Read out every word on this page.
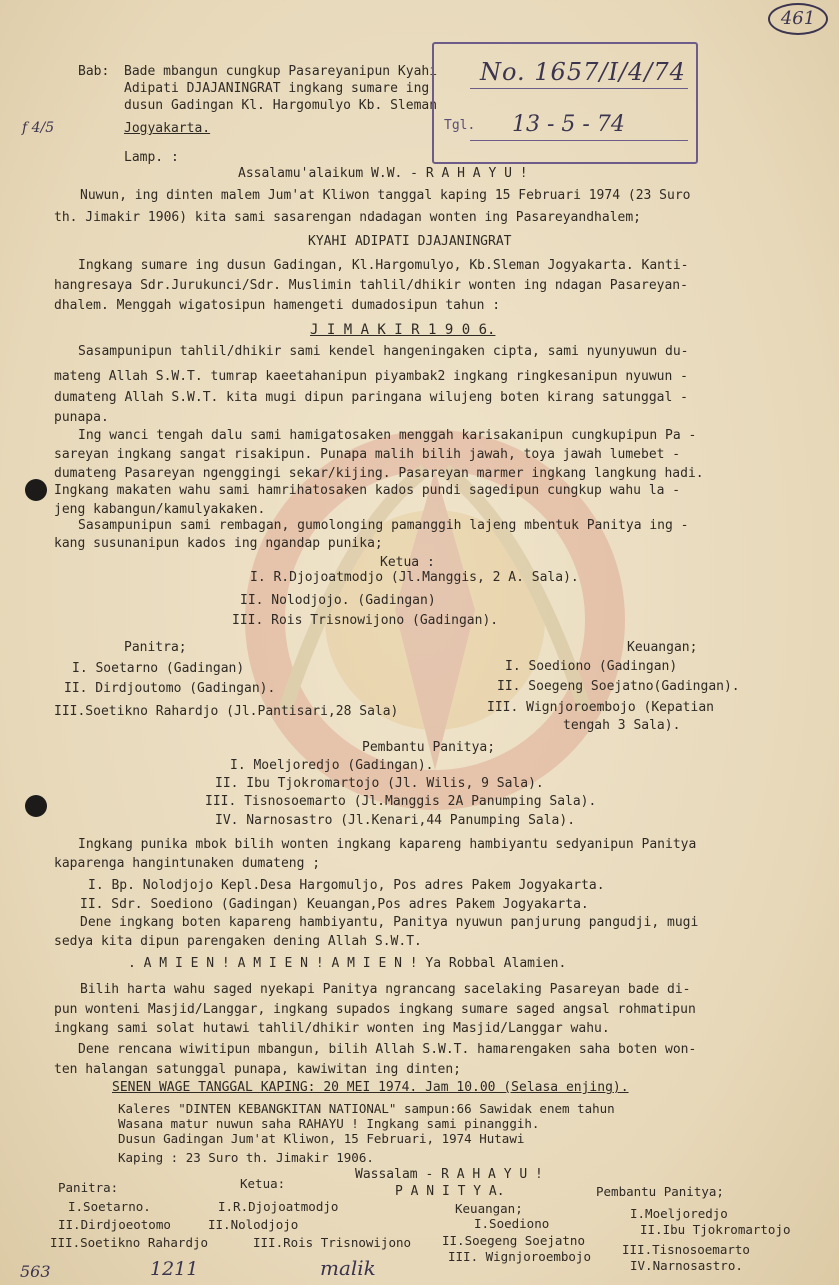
461
f 4/5
Bab: Bade mbangun cungkup Pasareyanipun Kyahi
Adipati DJAJANINGRAT ingkang sumare ing
dusun Gadingan Kl. Hargomulyo Kb. Sleman
Jogyakarta.
Lamp. :
No. 1657/I/4/74
Tgl. 13 - 5 - 74
Assalamu'alaikum W.W. - R A H A Y U !
Nuwun, ing dinten malem Jum'at Kliwon tanggal kaping 15 Februari 1974 (23 Suro
th. Jimakir 1906) kita sami sasarengan ndadagan wonten ing Pasareyandhalem;
KYAHI ADIPATI DJAJANINGRAT
Ingkang sumare ing dusun Gadingan, Kl.Hargomulyo, Kb.Sleman Jogyakarta. Kanti-
hangresaya Sdr.Jurukunci/Sdr. Muslimin tahlil/dhikir wonten ing ndagan Pasareyan-
dhalem. Menggah wigatosipun hamengeti dumadosipun tahun :
J I M A K I R 1 9 0 6.
Sasampunipun tahlil/dhikir sami kendel hangeningaken cipta, sami nyunyuwun du-
mateng Allah S.W.T. tumrap kaeetahanipun piyambak2 ingkang ringkesanipun nyuwun -
dumateng Allah S.W.T. kita mugi dipun paringana wilujeng boten kirang satunggal -
punapa.
Ing wanci tengah dalu sami hamigatosaken menggah karisakanipun cungkupipun Pa -
sareyan ingkang sangat risakipun. Punapa malih bilih jawah, toya jawah lumebet -
dumateng Pasareyan ngenggingi sekar/kijing. Pasareyan marmer ingkang langkung hadi.
Ingkang makaten wahu sami hamrihatosaken kados pundi sagedipun cungkup wahu la -
jeng kabangun/kamulyakaken.
Sasampunipun sami rembagan, gumolonging pamanggih lajeng mbentuk Panitya ing -
kang susunanipun kados ing ngandap punika;
Ketua :
I. R.Djojoatmodjo (Jl.Manggis, 2 A. Sala).
II. Nolodjojo. (Gadingan)
III. Rois Trisnowijono (Gadingan).
Panitra;
I. Soetarno (Gadingan)
II. Dirdjoutomo (Gadingan).
III.Soetikno Rahardjo (Jl.Pantisari,28 Sala)
Keuangan;
I. Soediono (Gadingan)
II. Soegeng Soejatno(Gadingan).
III. Wignjoroembojo (Kepatian
tengah 3 Sala).
Pembantu Panitya;
I. Moeljoredjo (Gadingan).
II. Ibu Tjokromartojo (Jl. Wilis, 9 Sala).
III. Tisnosoemarto (Jl.Manggis 2A Panumping Sala).
IV. Narnosastro (Jl.Kenari,44 Panumping Sala).
Ingkang punika mbok bilih wonten ingkang kapareng hambiyantu sedyanipun Panitya
kaparenga hangintunaken dumateng ;
I. Bp. Nolodjojo Kepl.Desa Hargomuljo, Pos adres Pakem Jogyakarta.
II. Sdr. Soediono (Gadingan) Keuangan,Pos adres Pakem Jogyakarta.
Dene ingkang boten kapareng hambiyantu, Panitya nyuwun panjurung pangudji, mugi
sedya kita dipun parengaken dening Allah S.W.T.
. A M I E N ! A M I E N ! A M I E N ! Ya Robbal Alamien.
Bilih harta wahu saged nyekapi Panitya ngrancang sacelaking Pasareyan bade di-
pun wonteni Masjid/Langgar, ingkang supados ingkang sumare saged angsal rohmatipun
ingkang sami solat hutawi tahlil/dhikir wonten ing Masjid/Langgar wahu.
Dene rencana wiwitipun mbangun, bilih Allah S.W.T. hamarengaken saha boten won-
ten halangan satunggal punapa, kawiwitan ing dinten;
SENEN WAGE TANGGAL KAPING: 20 MEI 1974. Jam 10.00 (Selasa enjing).
Kaleres "DINTEN KEBANGKITAN NATIONAL" sampun:66 Sawidak enem tahun
Wasana matur nuwun saha RAHAYU ! Ingkang sami pinanggih.
Dusun Gadingan Jum'at Kliwon, 15 Februari, 1974 Hutawi
Kaping : 23 Suro th. Jimakir 1906.
Wassalam - R A H A Y U !
P A N I T Y A.
Panitra:
I.Soetarno.
II.Dirdjoeotomo
III.Soetikno Rahardjo
Ketua:
I.R.Djojoatmodjo
II.Nolodjojo
III.Rois Trisnowijono
Keuangan;
I.Soediono
II.Soegeng Soejatno
III. Wignjoroembojo
Pembantu Panitya;
I.Moeljoredjo
II.Ibu Tjokromartojo
III.Tisnosoemarto
IV.Narnosastro.
563	1211	malik
